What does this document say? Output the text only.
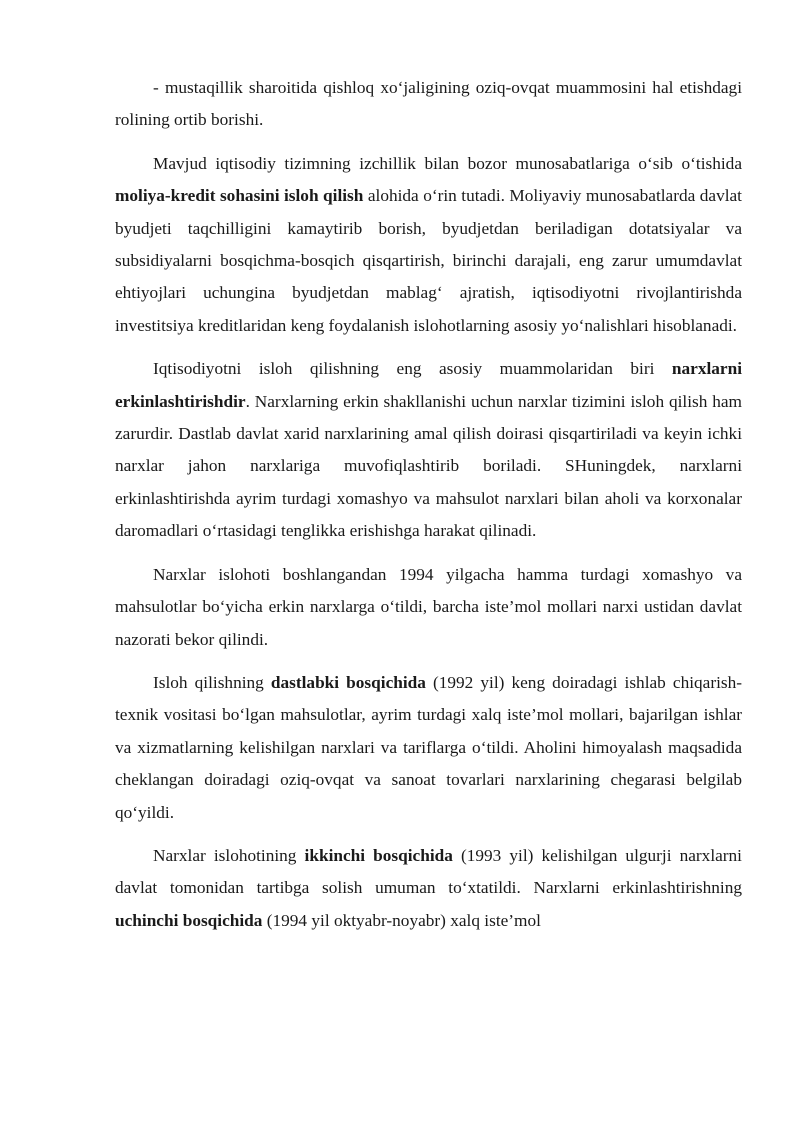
- mustaqillik sharoitida qishloq xo‘jaligining oziq-ovqat muammosini hal etishdagi rolining ortib borishi.

Mavjud iqtisodiy tizimning izchillik bilan bozor munosabatlariga o‘sib o‘tishida moliya-kredit sohasini isloh qilish alohida o‘rin tutadi. Moliyaviy munosabatlarda davlat byudjeti taqchilligini kamaytirib borish, byudjetdan beriladigan dotatsiyalar va subsidiyalarni bosqichma-bosqich qisqartirish, birinchi darajali, eng zarur umumdavlat ehtiyojlari uchungina byudjetdan mablag‘ ajratish, iqtisodiyotni rivojlantirishda investitsiya kreditlaridan keng foydalanish islohotlarning asosiy yo‘nalishlari hisoblanadi.

Iqtisodiyotni isloh qilishning eng asosiy muammolaridan biri narxlarni erkinlashtirishdir. Narxlarning erkin shakllanishi uchun narxlar tizimini isloh qilish ham zarurdir. Dastlab davlat xarid narxlarining amal qilish doirasi qisqartiriladi va keyin ichki narxlar jahon narxlariga muvofiqlashtirib boriladi. SHuningdek, narxlarni erkinlashtirishda ayrim turdagi xomashyo va mahsulot narxlari bilan aholi va korxonalar daromadlari o‘rtasidagi tenglikka erishishga harakat qilinadi.

Narxlar islohoti boshlangandan 1994 yilgacha hamma turdagi xomashyo va mahsulotlar bo‘yicha erkin narxlarga o‘tildi, barcha iste’mol mollari narxi ustidan davlat nazorati bekor qilindi.

Isloh qilishning dastlabki bosqichida (1992 yil) keng doiradagi ishlab chiqarish-texnik vositasi bo‘lgan mahsulotlar, ayrim turdagi xalq iste’mol mollari, bajarilgan ishlar va xizmatlarning kelishilgan narxlari va tariflarga o‘tildi. Aholini himoyalash maqsadida cheklangan doiradagi oziq-ovqat va sanoat tovarlari narxlarining chegarasi belgilab qo‘yildi.

Narxlar islohotining ikkinchi bosqichida (1993 yil) kelishilgan ulgurji narxlarni davlat tomonidan tartibga solish umuman to‘xtatildi. Narxlarni erkinlashtirishning uchinchi bosqichida (1994 yil oktyabr-noyabr) xalq iste’mol
